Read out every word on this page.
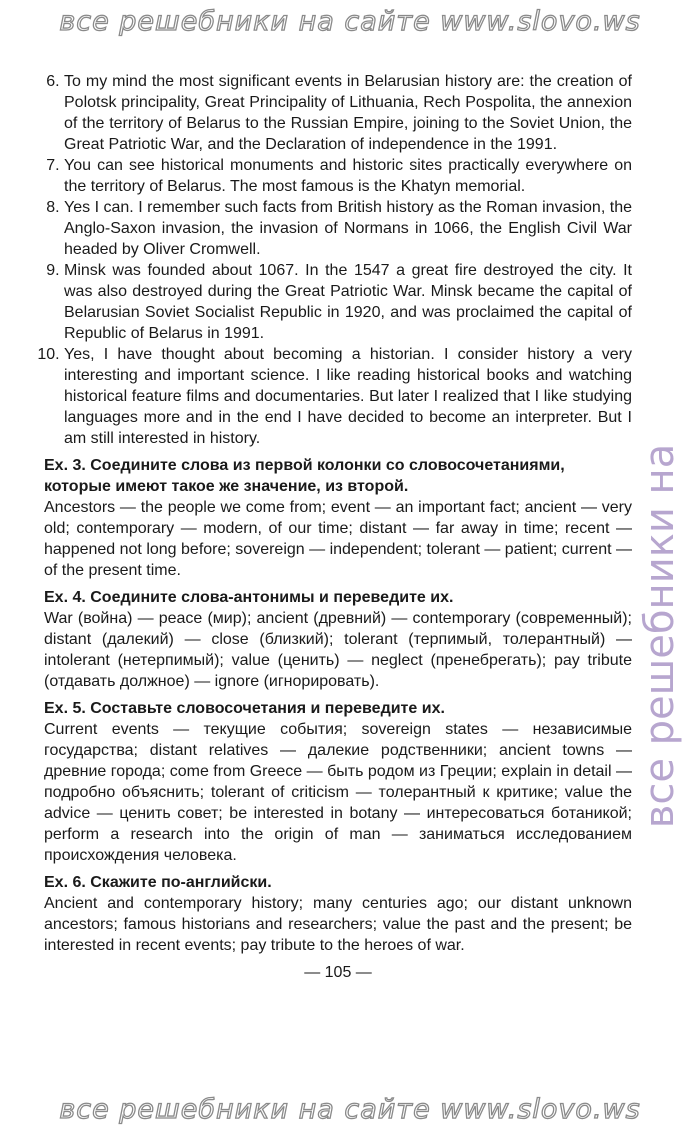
все решебники на сайте www.slovo.ws
все решебники на
6. To my mind the most significant events in Belarusian history are: the creation of Polotsk principality, Great Principality of Lithuania, Rech Pospolita, the annexion of the territory of Belarus to the Russian Empire, joining to the Soviet Union, the Great Patriotic War, and the Declaration of independence in the 1991.
7. You can see historical monuments and historic sites practically everywhere on the territory of Belarus. The most famous is the Khatyn memorial.
8. Yes I can. I remember such facts from British history as the Roman invasion, the Anglo-Saxon invasion, the invasion of Normans in 1066, the English Civil War headed by Oliver Cromwell.
9. Minsk was founded about 1067. In the 1547 a great fire destroyed the city. It was also destroyed during the Great Patriotic War. Minsk became the capital of Belarusian Soviet Socialist Republic in 1920, and was proclaimed the capital of Republic of Belarus in 1991.
10. Yes, I have thought about becoming a historian. I consider history a very interesting and important science. I like reading historical books and watching historical feature films and documentaries. But later I realized that I like studying languages more and in the end I have decided to become an interpreter. But I am still interested in history.

Ex. 3. Соедините слова из первой колонки со словосочетаниями, которые имеют такое же значение, из второй.

Ancestors — the people we come from; event — an important fact; ancient — very old; contemporary — modern, of our time; distant — far away in time; recent — happened not long before; sovereign — independent; tolerant — patient; current — of the present time.

Ex. 4. Соедините слова-антонимы и переведите их.

War (война) — peace (мир); ancient (древний) — contemporary (современный); distant (далекий) — close (близкий); tolerant (терпимый, толерантный) — intolerant (нетерпимый); value (ценить) — neglect (пренебрегать); pay tribute (отдавать должное) — ignore (игнорировать).

Ex. 5. Составьте словосочетания и переведите их.

Current events — текущие события; sovereign states — независимые государства; distant relatives — далекие родственники; ancient towns — древние города; come from Greece — быть родом из Греции; explain in detail — подробно объяснить; tolerant of criticism — толерантный к критике; value the advice — ценить совет; be interested in botany — интересоваться ботаникой; perform a research into the origin of man — заниматься исследованием происхождения человека.

Ex. 6. Скажите по-английски.

Ancient and contemporary history; many centuries ago; our distant unknown ancestors; famous historians and researchers; value the past and the present; be interested in recent events; pay tribute to the heroes of war.

— 105 —
все решебники на сайте www.slovo.ws
